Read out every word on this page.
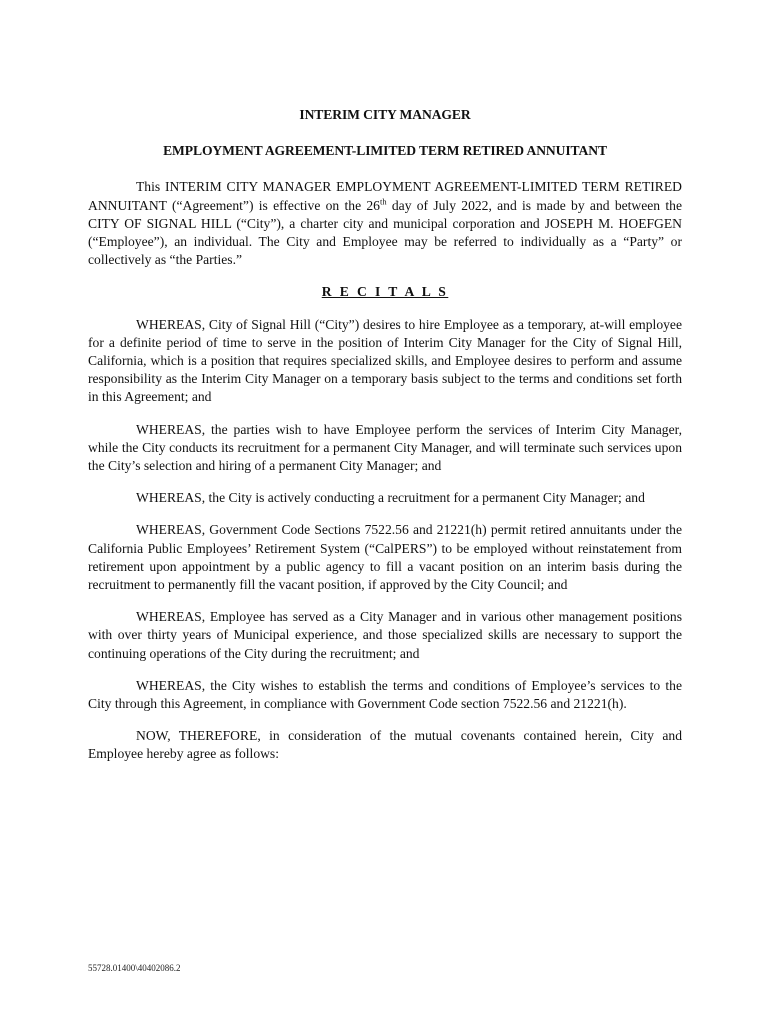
INTERIM CITY MANAGER

EMPLOYMENT AGREEMENT-LIMITED TERM RETIRED ANNUITANT

This INTERIM CITY MANAGER EMPLOYMENT AGREEMENT-LIMITED TERM RETIRED ANNUITANT (“Agreement”) is effective on the 26th day of July 2022, and is made by and between the CITY OF SIGNAL HILL (“City”), a charter city and municipal corporation and JOSEPH M. HOEFGEN (“Employee”), an individual. The City and Employee may be referred to individually as a “Party” or collectively as “the Parties.”

R E C I T A L S

WHEREAS, City of Signal Hill (“City”) desires to hire Employee as a temporary, at-will employee for a definite period of time to serve in the position of Interim City Manager for the City of Signal Hill, California, which is a position that requires specialized skills, and Employee desires to perform and assume responsibility as the Interim City Manager on a temporary basis subject to the terms and conditions set forth in this Agreement; and

WHEREAS, the parties wish to have Employee perform the services of Interim City Manager, while the City conducts its recruitment for a permanent City Manager, and will terminate such services upon the City’s selection and hiring of a permanent City Manager; and

WHEREAS, the City is actively conducting a recruitment for a permanent City Manager; and

WHEREAS, Government Code Sections 7522.56 and 21221(h) permit retired annuitants under the California Public Employees’ Retirement System (“CalPERS”) to be employed without reinstatement from retirement upon appointment by a public agency to fill a vacant position on an interim basis during the recruitment to permanently fill the vacant position, if approved by the City Council; and

WHEREAS, Employee has served as a City Manager and in various other management positions with over thirty years of Municipal experience, and those specialized skills are necessary to support the continuing operations of the City during the recruitment; and

WHEREAS, the City wishes to establish the terms and conditions of Employee’s services to the City through this Agreement, in compliance with Government Code section 7522.56 and 21221(h).

NOW, THEREFORE, in consideration of the mutual covenants contained herein, City and Employee hereby agree as follows:

55728.01400\40402086.2
